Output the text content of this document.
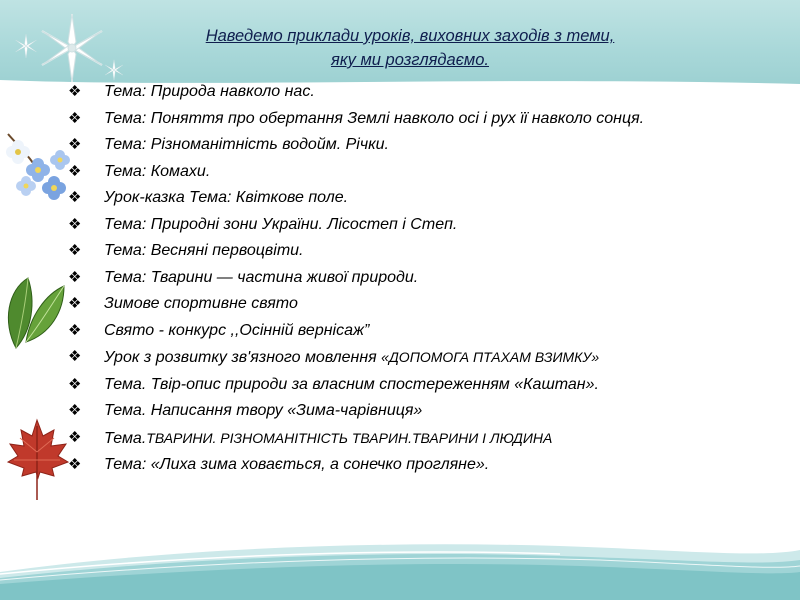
Наведемо приклади уроків, виховних заходів з теми,
яку ми розглядаємо.
❖ Тема: Природа навколо нас.
❖ Тема: Поняття про обертання Землі навколо осі і рух її навколо сонця.
❖ Тема: Різноманітність водойм. Річки.
❖ Тема: Комахи.
❖ Урок-казка Тема: Квіткове поле.
❖ Тема: Природні зони України. Лісостеп і Степ.
❖ Тема: Весняні первоцвіти.
❖ Тема: Тварини — частина живої природи.
❖ Зимове спортивне свято
❖ Свято - конкурс ,,Осінній вернісаж”
❖ Урок з розвитку зв'язного мовлення «ДОПОМОГА ПТАХАМ ВЗИМКУ»
❖ Тема. Твір-опис природи за власним спостереженням «Каштан».
❖ Тема. Написання твору «Зима-чарівниця»
❖ Тема.ТВАРИНИ. РІЗНОМАНІТНІСТЬ ТВАРИН.ТВАРИНИ І ЛЮДИНА
❖ Тема: «Лиха зима ховається, а сонечко проглянe».
